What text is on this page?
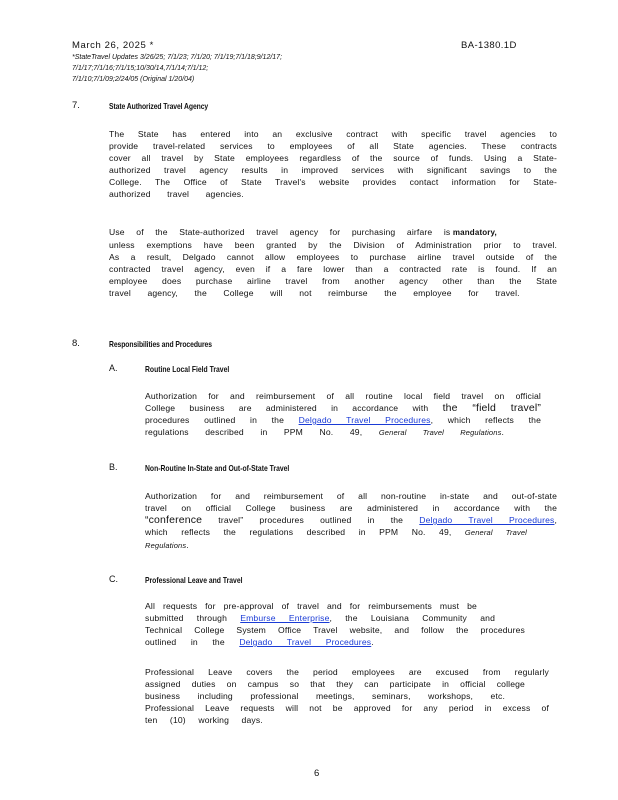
March 26, 2025 *	BA-1380.1D
*StateTravel Updates 3/26/25; 7/1/23; 7/1/20; 7/1/19;7/1/18;9/12/17;
7/1/17;7/1/16;7/1/15;10/30/14,7/1/14;7/1/12;
7/1/10;7/1/09;2/24/05 (Original 1/20/04)
7.	State Authorized Travel Agency
The State has entered into an exclusive contract with specific travel agencies to
provide travel-related services to employees of all State agencies. These contracts
cover all travel by State employees regardless of the source of funds. Using a State-
authorized travel agency results in improved services with significant savings to the
College. The Office of State Travel's website provides contact information for State-
authorized travel agencies.
Use of the State-authorized travel agency for purchasing airfare is mandatory,
unless exemptions have been granted by the Division of Administration prior to travel.
As a result, Delgado cannot allow employees to purchase airline travel outside of the
contracted travel agency, even if a fare lower than a contracted rate is found. If an
employee does purchase airline travel from another agency other than the State
travel agency, the College will not reimburse the employee for travel.
8.	Responsibilities and Procedures
A.	Routine Local Field Travel
Authorization for and reimbursement of all routine local field travel on official
College business are administered in accordance with the “field travel”
procedures outlined in the Delgado Travel Procedures, which reflects the
regulations described in PPM No. 49, General Travel Regulations.
B.	Non-Routine In-State and Out-of-State Travel
Authorization for and reimbursement of all non-routine in-state and out-of-state
travel on official College business are administered in accordance with the
“conference travel” procedures outlined in the Delgado Travel Procedures,
which reflects the regulations described in PPM No. 49, General Travel
Regulations.
C.	Professional Leave and Travel
All requests for pre-approval of travel and for reimbursements must be
submitted through Emburse Enterprise, the Louisiana Community and
Technical College System Office Travel website, and follow the procedures
outlined in the Delgado Travel Procedures.
Professional Leave covers the period employees are excused from regularly
assigned duties on campus so that they can participate in official college
business including professional meetings, seminars, workshops, etc.
Professional Leave requests will not be approved for any period in excess of
ten (10) working days.
6
